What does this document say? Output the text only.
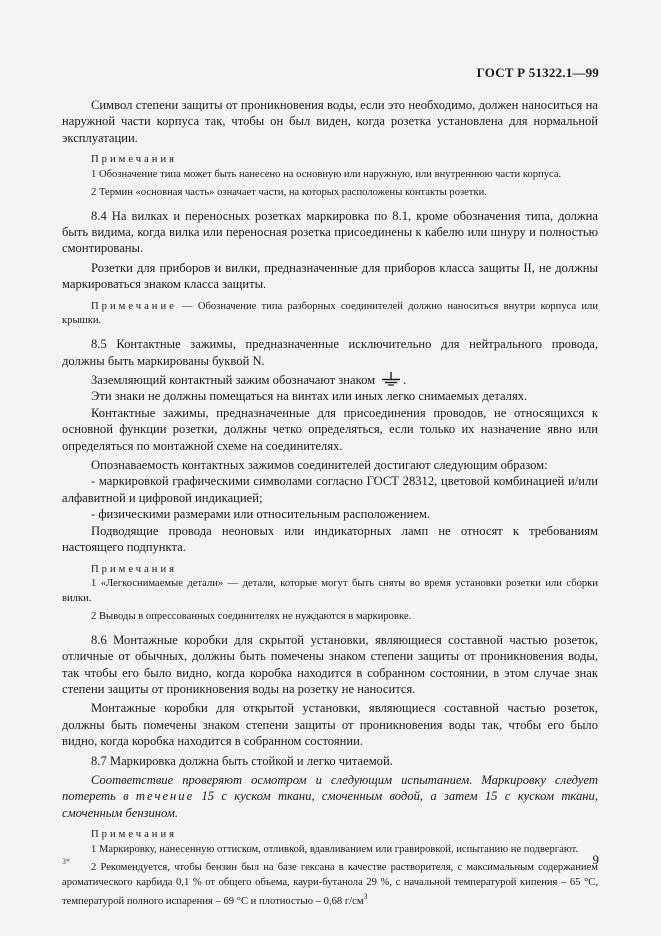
ГОСТ Р 51322.1—99

Символ степени защиты от проникновения воды, если это необходимо, должен наноситься на наружной части корпуса так, чтобы он был виден, когда розетка установлена для нормальной эксплуатации.

Примечания

1 Обозначение типа может быть нанесено на основную или наружную, или внутреннюю части корпуса.

2 Термин «основная часть» означает части, на которых расположены контакты розетки.

8.4 На вилках и переносных розетках маркировка по 8.1, кроме обозначения типа, должна быть видима, когда вилка или переносная розетка присоединены к кабелю или шнуру и полностью смонтированы.

Розетки для приборов и вилки, предназначенные для приборов класса защиты II, не должны маркироваться знаком класса защиты.

Примечание — Обозначение типа разборных соединителей должно наноситься внутри корпуса или крышки.

8.5 Контактные зажимы, предназначенные исключительно для нейтрального провода, должны быть маркированы буквой N.

Заземляющий контактный зажим обозначают знаком .

Эти знаки не должны помещаться на винтах или иных легко снимаемых деталях.

Контактные зажимы, предназначенные для присоединения проводов, не относящихся к основной функции розетки, должны четко определяться, если только их назначение явно или определяться по монтажной схеме на соединителях.

Опознаваемость контактных зажимов соединителей достигают следующим образом:

- маркировкой графическими символами согласно ГОСТ 28312, цветовой комбинацией и/или алфавитной и цифровой индикацией;

- физическими размерами или относительным расположением.

Подводящие провода неоновых или индикаторных ламп не относят к требованиям настоящего подпункта.

Примечания

1 «Легкоснимаемые детали» — детали, которые могут быть сняты во время установки розетки или сборки вилки.

2 Выводы в опрессованных соединителях не нуждаются в маркировке.

8.6 Монтажные коробки для скрытой установки, являющиеся составной частью розеток, отличные от обычных, должны быть помечены знаком степени защиты от проникновения воды, так чтобы его было видно, когда коробка находится в собранном состоянии, в этом случае знак степени защиты от проникновения воды на розетку не наносится.

Монтажные коробки для открытой установки, являющиеся составной частью розеток, должны быть помечены знаком степени защиты от проникновения воды так, чтобы его было видно, когда коробка находится в собранном состоянии.

8.7 Маркировка должна быть стойкой и легко читаемой.

Соответствие проверяют осмотром и следующим испытанием. Маркировку следует потереть в течение 15 с куском ткани, смоченным водой, а затем 15 с куском ткани, смоченным бензином.

Примечания

1 Маркировку, нанесенную оттиском, отливкой, вдавливанием или гравировкой, испытанию не подвергают.

2 Рекомендуется, чтобы бензин был на базе гексана в качестве растворителя, с максимальным содержанием ароматического карбида 0,1 % от общего объема, каури-бутанола 29 %, с начальной температурой кипения – 65 °С, температурой полного испарения – 69 °С и плотностью – 0,68 $г/см^3$

3*	9
